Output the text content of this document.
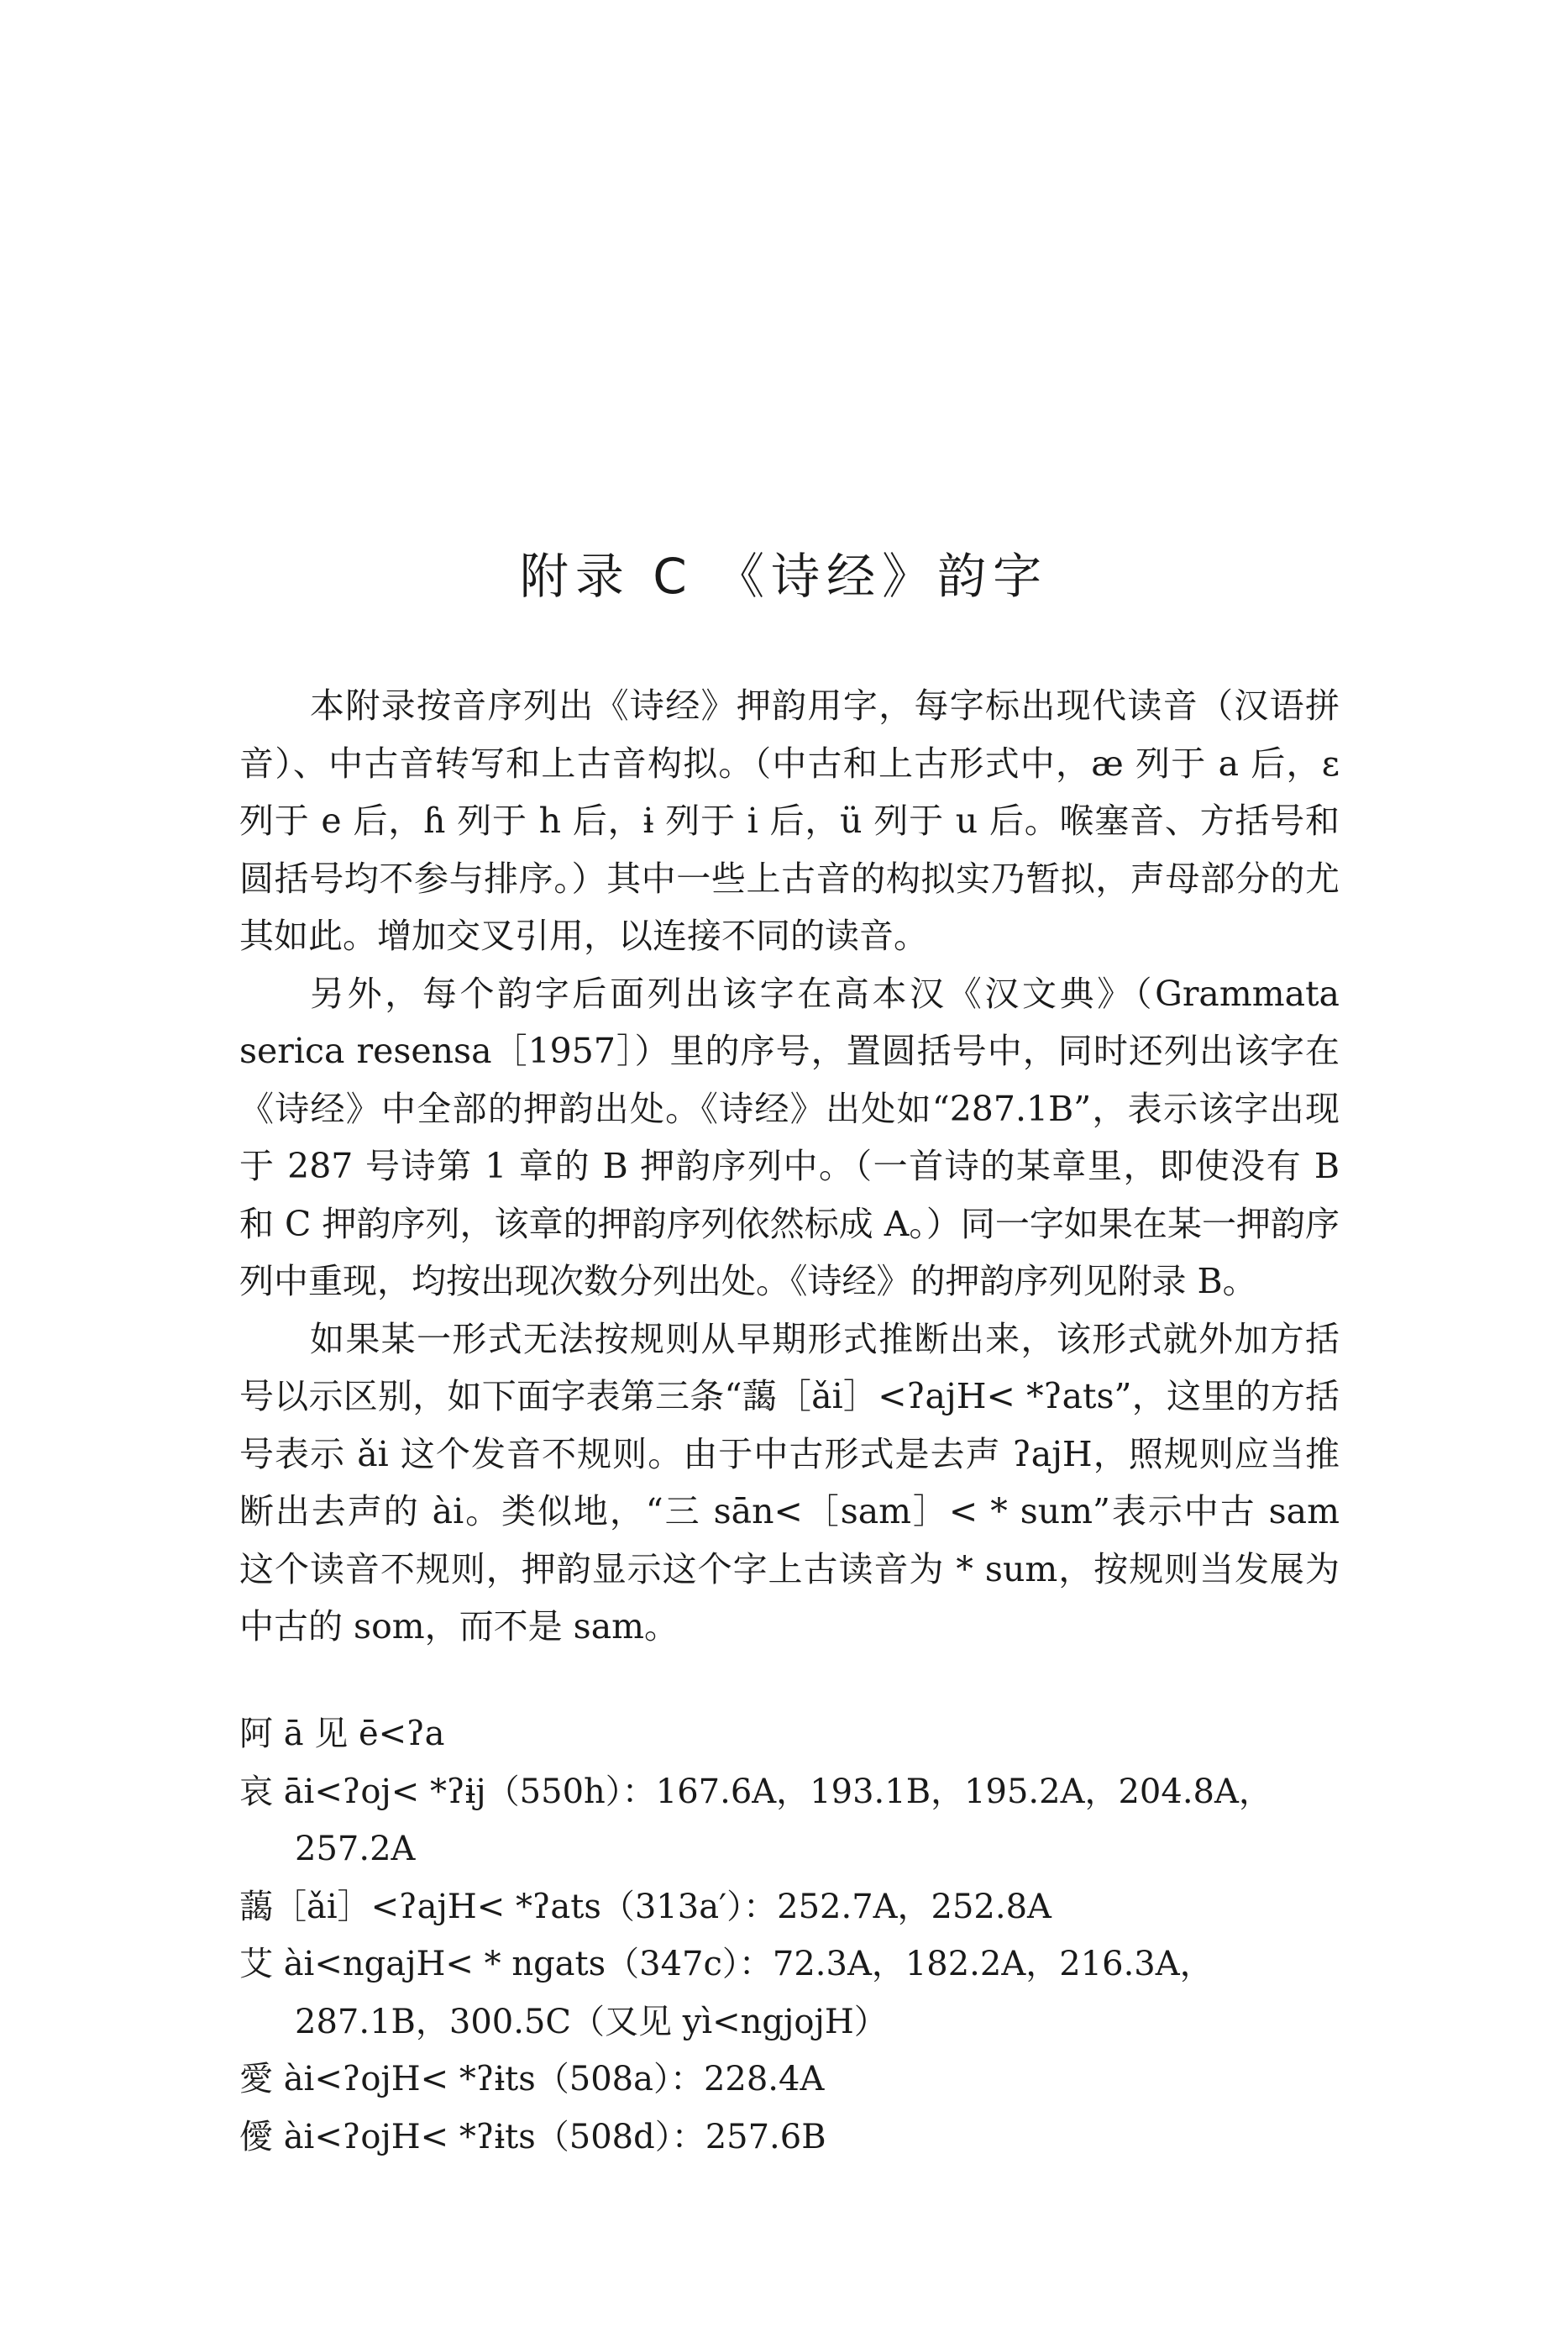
附录 C 《诗经》韵字

本附录按音序列出《诗经》押韵用字，每字标出现代读音（汉语拼音）、中古音转写和上古音构拟。（中古和上古形式中，æ 列于 a 后，ɛ 列于 e 后，ɦ 列于 h 后，ɨ 列于 i 后，ü 列于 u 后。喉塞音、方括号和圆括号均不参与排序。）其中一些上古音的构拟实乃暂拟，声母部分的尤其如此。增加交叉引用，以连接不同的读音。

另外，每个韵字后面列出该字在高本汉《汉文典》（Grammata serica resensa［1957］）里的序号，置圆括号中，同时还列出该字在《诗经》中全部的押韵出处。《诗经》出处如“287.1B”，表示该字出现于 287 号诗第 1 章的 B 押韵序列中。（一首诗的某章里，即使没有 B 和 C 押韵序列，该章的押韵序列依然标成 A。）同一字如果在某一押韵序列中重现，均按出现次数分列出处。《诗经》的押韵序列见附录 B。

如果某一形式无法按规则从早期形式推断出来，该形式就外加方括号以示区别，如下面字表第三条“藹［ǎi］<ʔajH< *ʔats”，这里的方括号表示 ǎi 这个发音不规则。由于中古形式是去声 ʔajH，照规则应当推断出去声的 ài。类似地，“三 sān<［sam］< * sum”表示中古 sam 这个读音不规则，押韵显示这个字上古读音为 * sum，按规则当发展为中古的 som，而不是 sam。

阿 ā 见 ē<ʔa

哀 āi<ʔoj< *ʔɨj（550h）：167.6A，193.1B，195.2A，204.8A，257.2A

藹［ǎi］<ʔajH< *ʔats（313a′）：252.7A，252.8A

艾 ài<ngajH< * ngats（347c）：72.3A，182.2A，216.3A，287.1B，300.5C（又见 yì<ngjojH）

愛 ài<ʔojH< *ʔɨts（508a）：228.4A

僾 ài<ʔojH< *ʔɨts（508d）：257.6B
